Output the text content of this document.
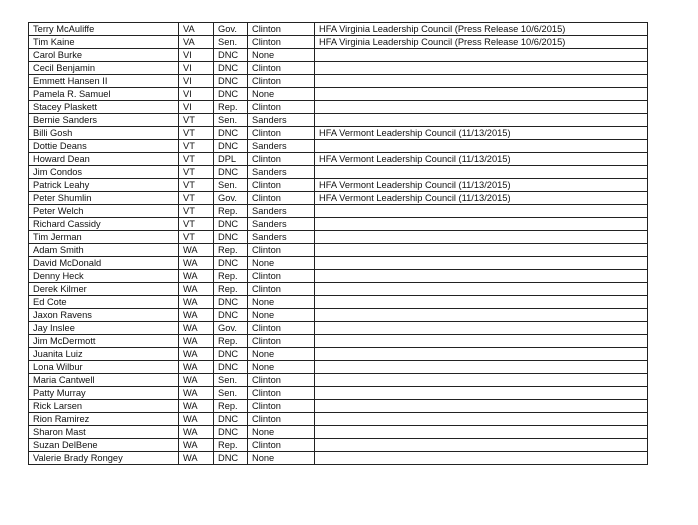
Terry McAuliffe	VA	Gov.	Clinton	HFA Virginia Leadership Council (Press Release 10/6/2015)
Tim Kaine	VA	Sen.	Clinton	HFA Virginia Leadership Council (Press Release 10/6/2015)
Carol Burke	VI	DNC	None	
Cecil Benjamin	VI	DNC	Clinton	
Emmett Hansen II	VI	DNC	Clinton	
Pamela R. Samuel	VI	DNC	None	
Stacey Plaskett	VI	Rep.	Clinton	
Bernie Sanders	VT	Sen.	Sanders	
Billi Gosh	VT	DNC	Clinton	HFA Vermont Leadership Council (11/13/2015)
Dottie Deans	VT	DNC	Sanders	
Howard Dean	VT	DPL	Clinton	HFA Vermont Leadership Council (11/13/2015)
Jim Condos	VT	DNC	Sanders	
Patrick Leahy	VT	Sen.	Clinton	HFA Vermont Leadership Council (11/13/2015)
Peter Shumlin	VT	Gov.	Clinton	HFA Vermont Leadership Council (11/13/2015)
Peter Welch	VT	Rep.	Sanders	
Richard Cassidy	VT	DNC	Sanders	
Tim Jerman	VT	DNC	Sanders	
Adam Smith	WA	Rep.	Clinton	
David McDonald	WA	DNC	None	
Denny Heck	WA	Rep.	Clinton	
Derek Kilmer	WA	Rep.	Clinton	
Ed Cote	WA	DNC	None	
Jaxon Ravens	WA	DNC	None	
Jay Inslee	WA	Gov.	Clinton	
Jim McDermott	WA	Rep.	Clinton	
Juanita Luiz	WA	DNC	None	
Lona Wilbur	WA	DNC	None	
Maria Cantwell	WA	Sen.	Clinton	
Patty Murray	WA	Sen.	Clinton	
Rick Larsen	WA	Rep.	Clinton	
Rion Ramirez	WA	DNC	Clinton	
Sharon Mast	WA	DNC	None	
Suzan DelBene	WA	Rep.	Clinton	
Valerie Brady Rongey	WA	DNC	None	
